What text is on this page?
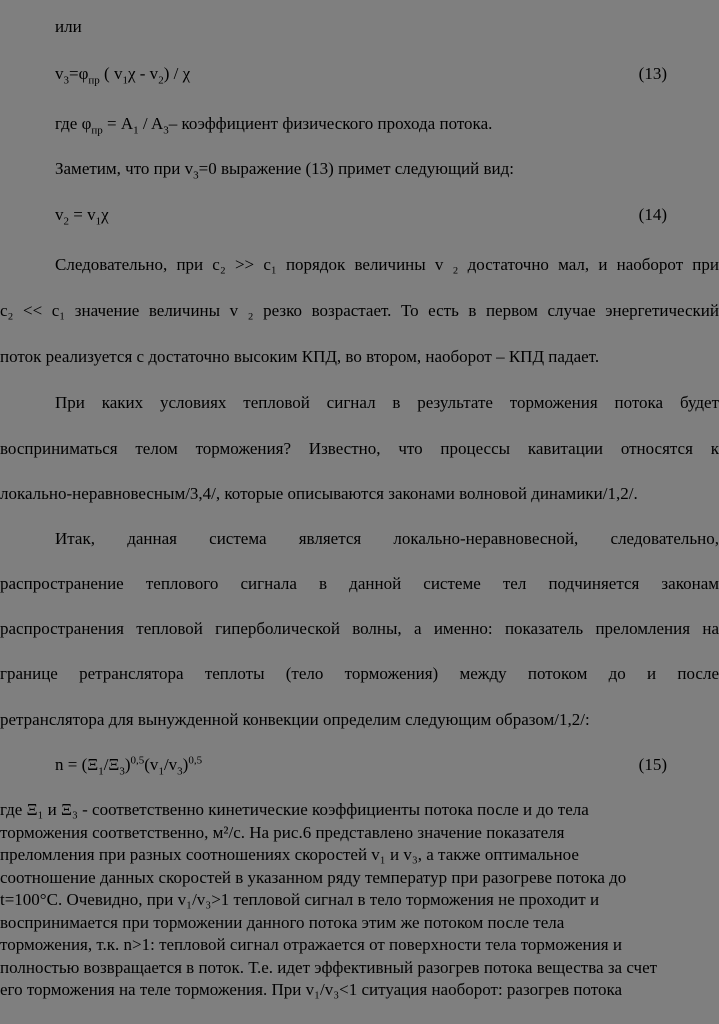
или
$v_3=\varphi_{пр}$ ( $v_1\chi - v_2$) / χ	(13)
где $\varphi_{пр} = A_1 / A_3-$ коэффициент физического прохода потока.
Заметим, что при $v_3=0$ выражение (13) примет следующий вид:
$v_2 = v_1\chi$	(14)
Следовательно, при c₂ >> c₁ порядок величины v ₂ достаточно мал, и наоборот при
c₂ << c₁ значение величины v ₂ резко возрастает. То есть в первом случае энергетический
поток реализуется с достаточно высоким КПД, во втором, наоборот – КПД падает.
При каких условиях тепловой сигнал в результате торможения потока будет
восприниматься телом торможения? Известно, что процессы кавитации относятся к
локально-неравновесным/3,4/, которые описываются законами волновой динамики/1,2/.
Итак, данная система является локально-неравновесной, следовательно,
распространение теплового сигнала в данной системе тел подчиняется законам
распространения тепловой гиперболической волны, а именно: показатель преломления на
границе ретранслятора теплоты (тело торможения) между потоком до и после
ретранслятора для вынужденной конвекции определим следующим образом/1,2/:
$n = (\Xi_1/\Xi_3)^{0,5}(v_1/v_3)^{0,5}$	(15)

где Ξ₁ и Ξ₃ - соответственно кинетические коэффициенты потока после и до тела

торможения соответственно, м²/с. На рис.6 представлено значение показателя

преломления при разных соотношениях скоростей v₁ и v₃, а также оптимальное

соотношение данных скоростей в указанном ряду температур при разогреве потока до

t=100°С. Очевидно, при v₁/v₃>1 тепловой сигнал в тело торможения не проходит и

воспринимается при торможении данного потока этим же потоком после тела

торможения, т.к. n>1: тепловой сигнал отражается от поверхности тела торможения и

полностью возвращается в поток. Т.е. идет эффективный разогрев потока вещества за счет

его торможения на теле торможения. При v₁/v₃<1 ситуация наоборот: разогрев потока
